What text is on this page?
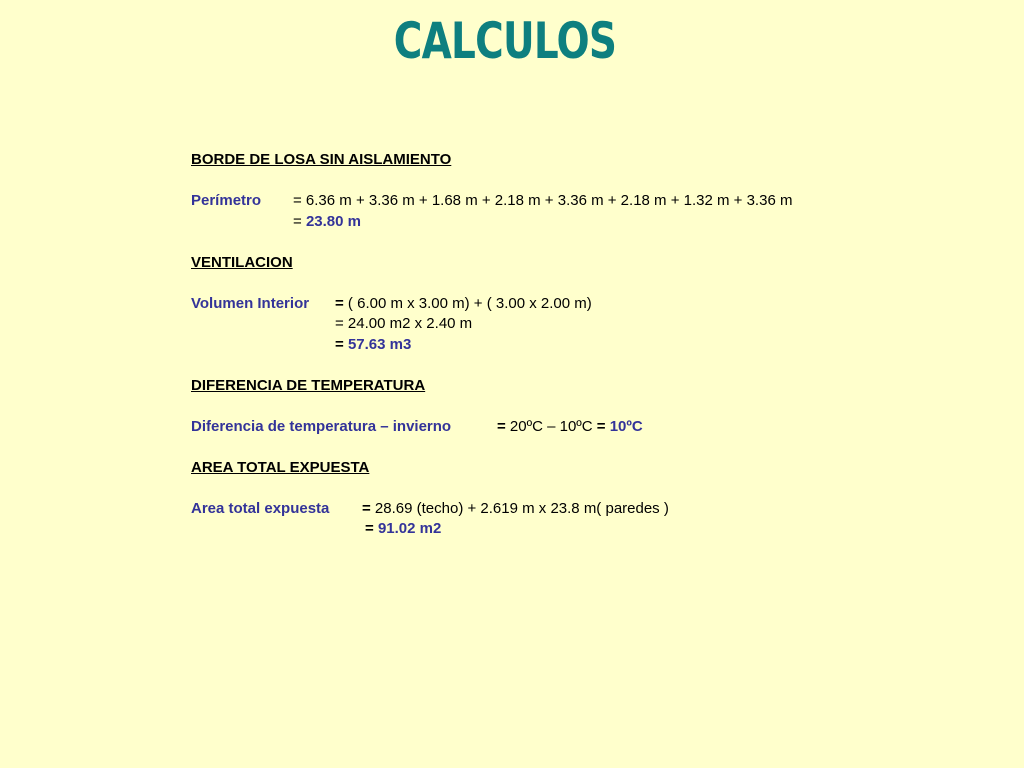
CALCULOS
BORDE DE LOSA SIN AISLAMIENTO
Perímetro = 6.36 m + 3.36 m + 1.68 m + 2.18 m + 3.36 m + 2.18 m + 1.32 m + 3.36 m
= 23.80 m
VENTILACION
Volumen Interior = ( 6.00 m x 3.00 m) + ( 3.00 x 2.00 m)
= 24.00 m2 x 2.40 m
= 57.63 m3
DIFERENCIA DE TEMPERATURA
Diferencia de temperatura – invierno	= 20ºC – 10ºC = 10ºC
AREA TOTAL EXPUESTA
Area total expuesta = 28.69 (techo) + 2.619 m x 23.8 m( paredes )
= 91.02 m2
